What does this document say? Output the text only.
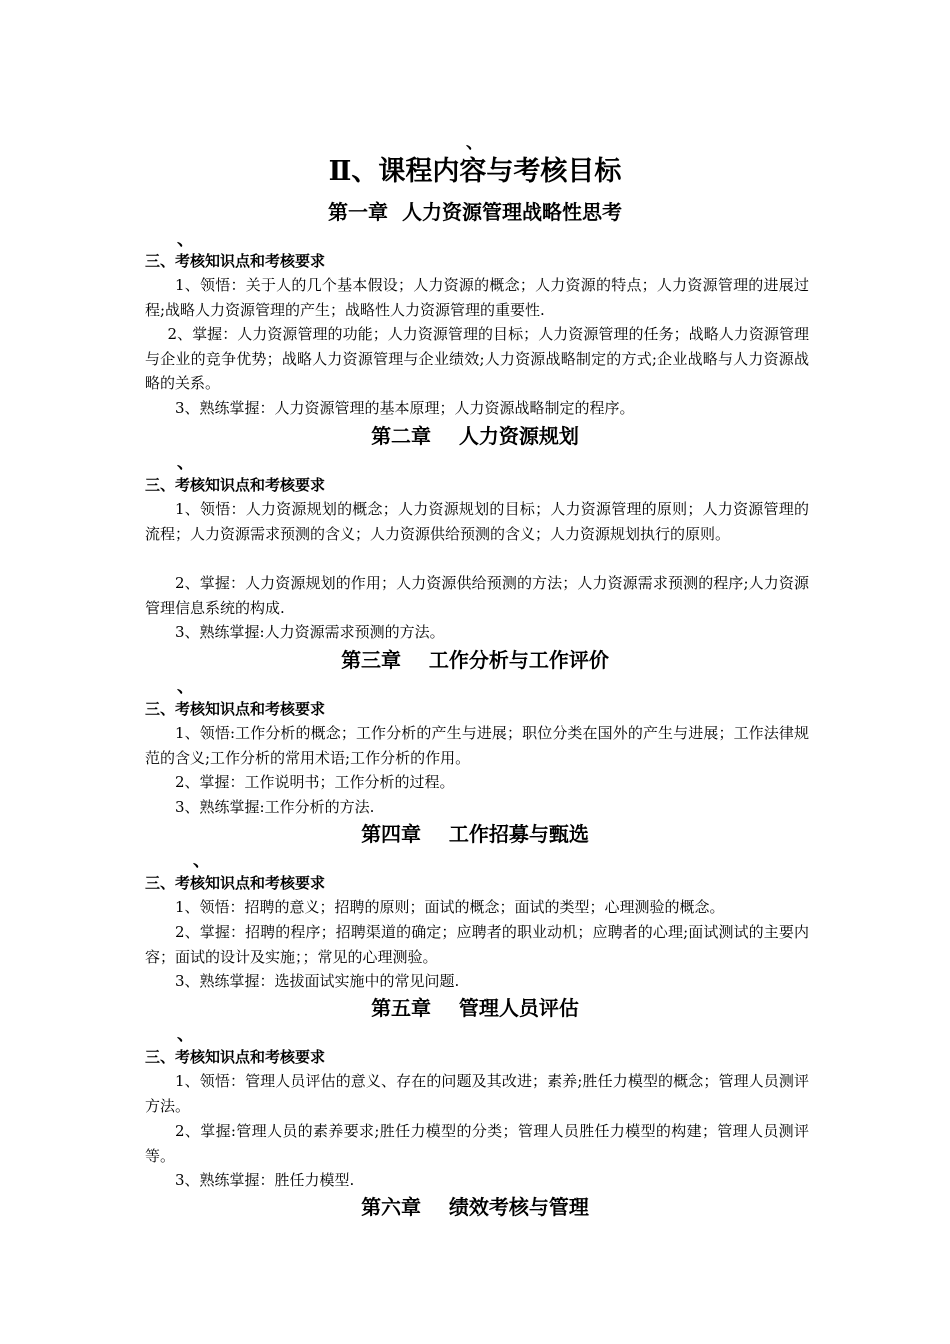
、
Ⅱ、课程内容与考核目标
第一章  人力资源管理战略性思考
、
三、考核知识点和考核要求

1、领悟：关于人的几个基本假设；人力资源的概念；人力资源的特点；人力资源管理的进展过程;战略人力资源管理的产生；战略性人力资源管理的重要性.

2、掌握：人力资源管理的功能；人力资源管理的目标；人力资源管理的任务；战略人力资源管理与企业的竞争优势；战略人力资源管理与企业绩效;人力资源战略制定的方式;企业战略与人力资源战略的关系。

3、熟练掌握：人力资源管理的基本原理；人力资源战略制定的程序。

第二章    人力资源规划
、
三、考核知识点和考核要求

1、领悟：人力资源规划的概念；人力资源规划的目标；人力资源管理的原则；人力资源管理的流程；人力资源需求预测的含义；人力资源供给预测的含义；人力资源规划执行的原则。

2、掌握：人力资源规划的作用；人力资源供给预测的方法；人力资源需求预测的程序;人力资源管理信息系统的构成.

3、熟练掌握:人力资源需求预测的方法。

第三章    工作分析与工作评价
、
三、考核知识点和考核要求

1、领悟:工作分析的概念；工作分析的产生与进展；职位分类在国外的产生与进展；工作法律规范的含义;工作分析的常用术语;工作分析的作用。

2、掌握：工作说明书；工作分析的过程。

3、熟练掌握:工作分析的方法.

第四章    工作招募与甄选
、
三、考核知识点和考核要求

1、领悟：招聘的意义；招聘的原则；面试的概念；面试的类型；心理测验的概念。

2、掌握：招聘的程序；招聘渠道的确定；应聘者的职业动机；应聘者的心理;面试测试的主要内容；面试的设计及实施；；常见的心理测验。

3、熟练掌握：选拔面试实施中的常见问题.

第五章    管理人员评估
、
三、考核知识点和考核要求

1、领悟：管理人员评估的意义、存在的问题及其改进；素养;胜任力模型的概念；管理人员测评方法。

2、掌握:管理人员的素养要求;胜任力模型的分类；管理人员胜任力模型的构建；管理人员测评等。

3、熟练掌握：胜任力模型.

第六章    绩效考核与管理
